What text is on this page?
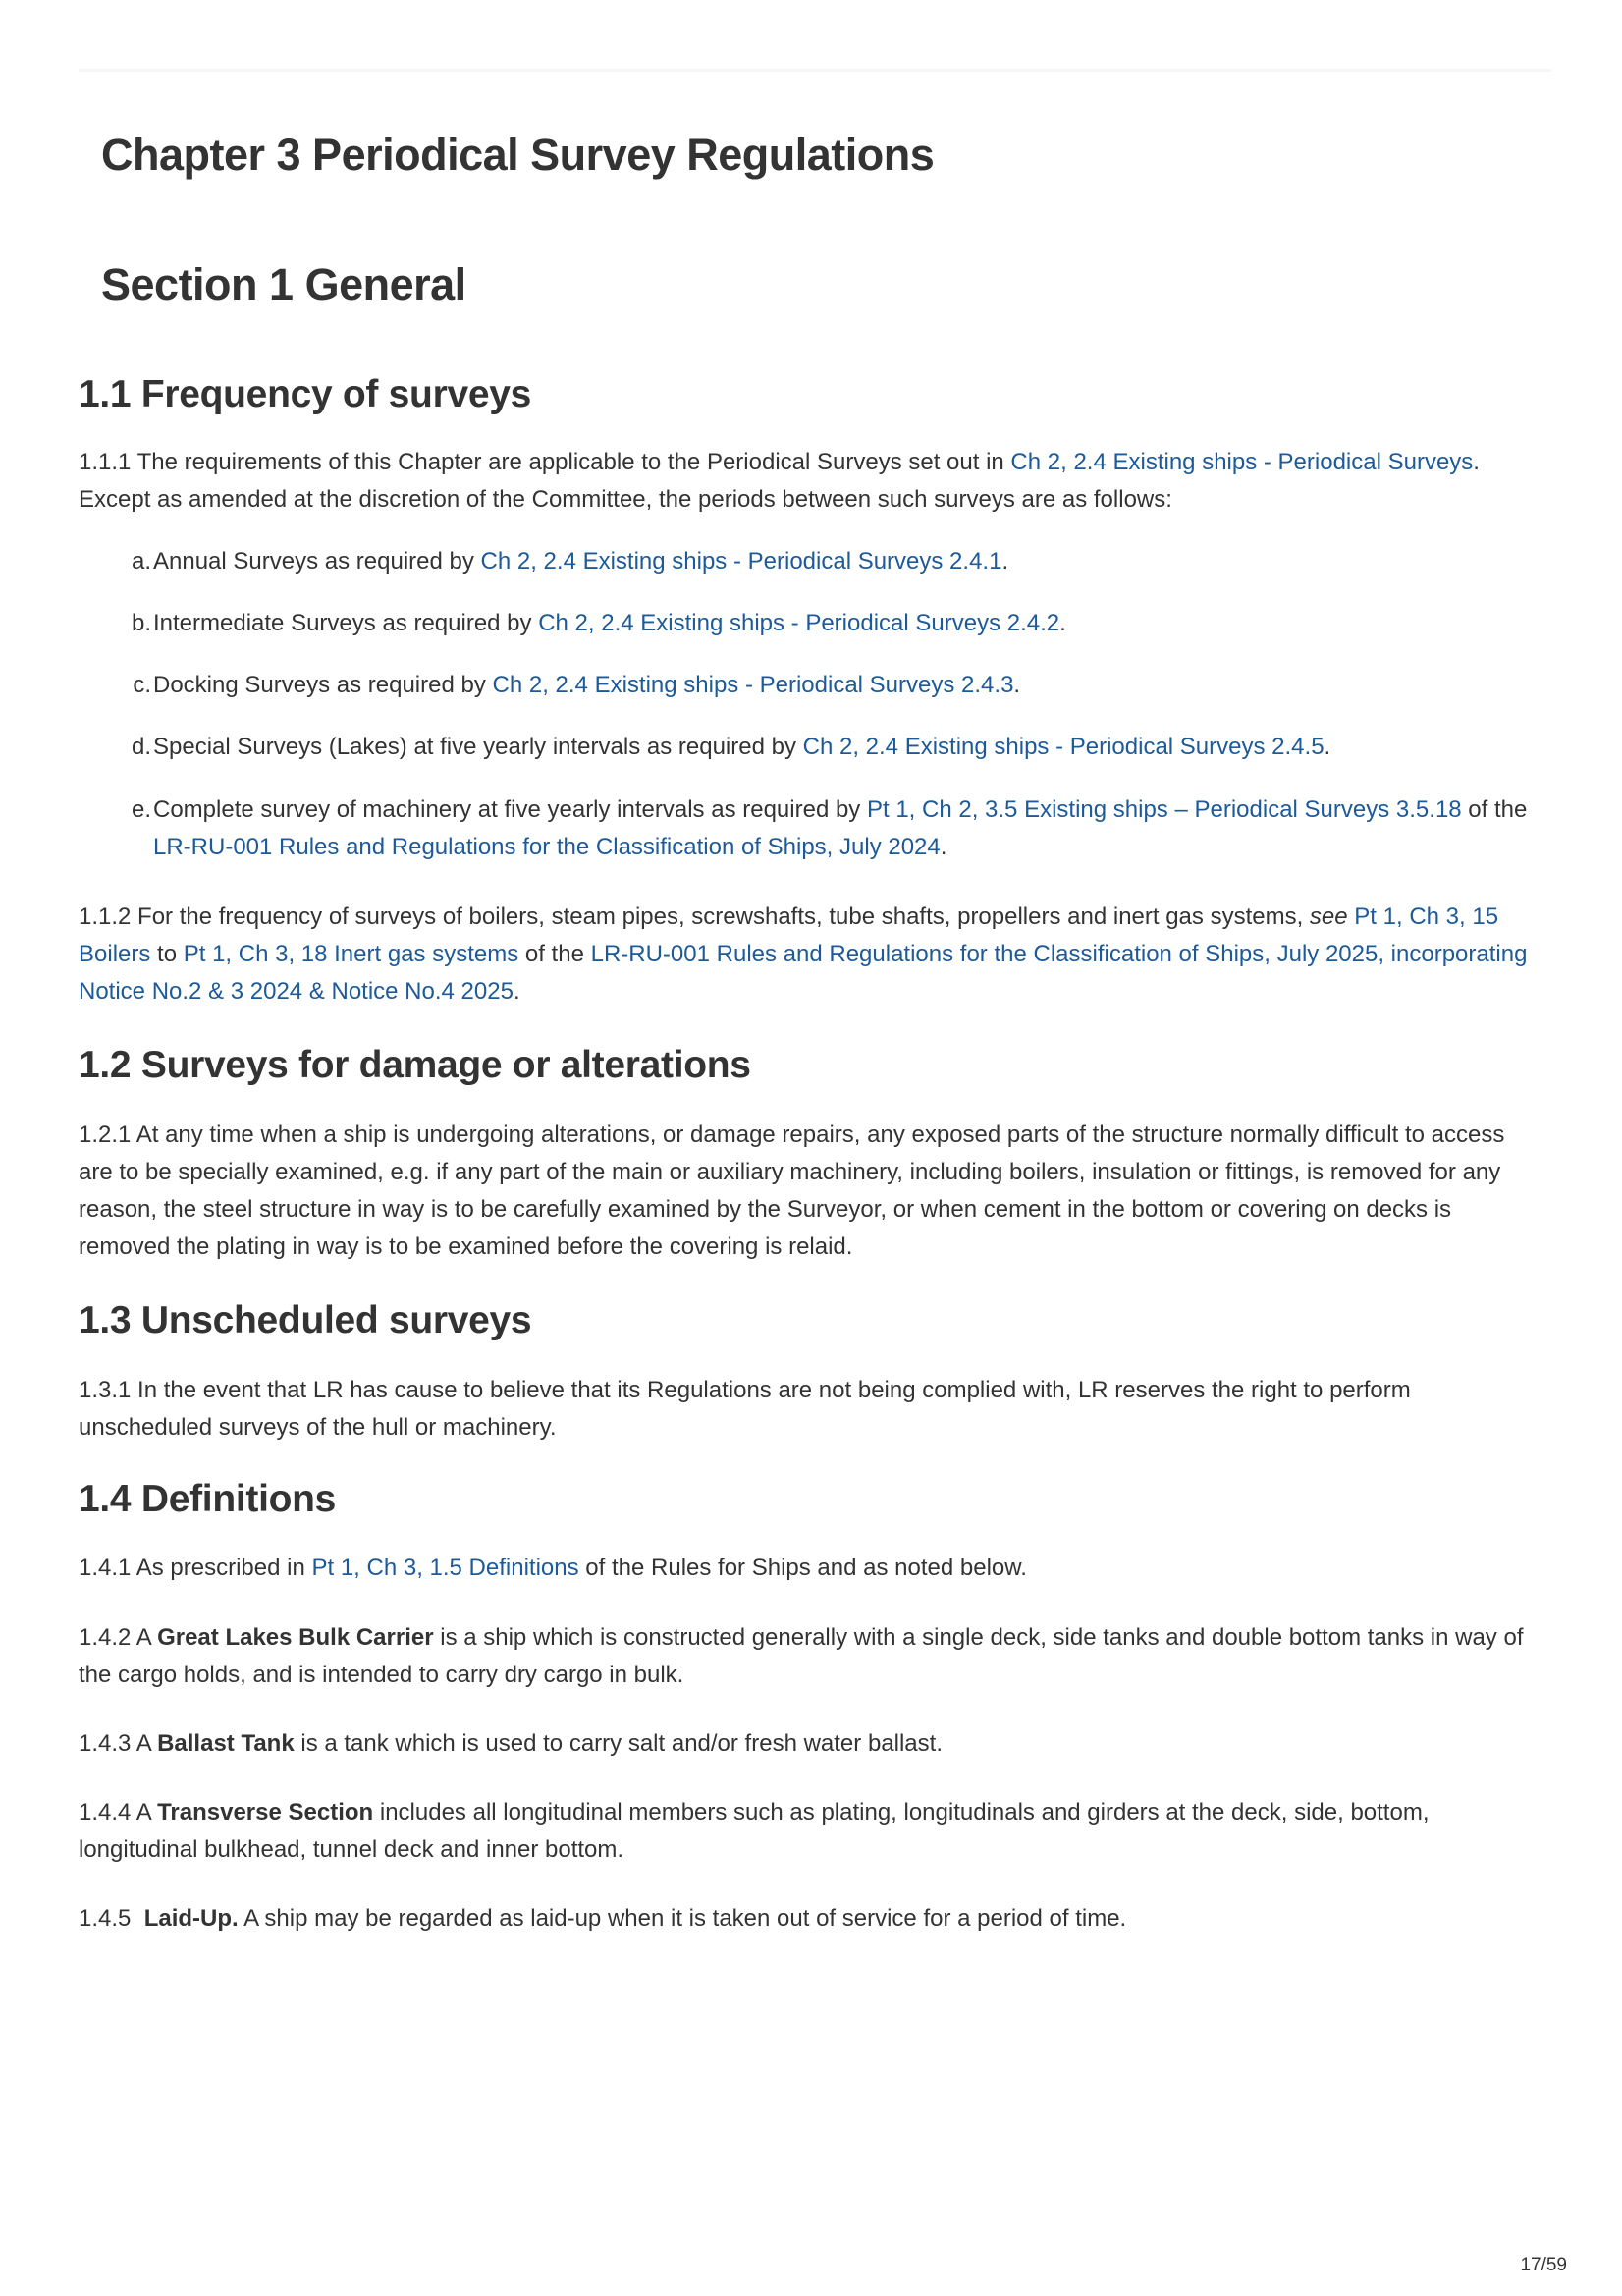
Chapter 3 Periodical Survey Regulations
Section 1 General
1.1 Frequency of surveys
1.1.1 The requirements of this Chapter are applicable to the Periodical Surveys set out in Ch 2, 2.4 Existing ships - Periodical Surveys. Except as amended at the discretion of the Committee, the periods between such surveys are as follows:
a. Annual Surveys as required by Ch 2, 2.4 Existing ships - Periodical Surveys 2.4.1.
b. Intermediate Surveys as required by Ch 2, 2.4 Existing ships - Periodical Surveys 2.4.2.
c. Docking Surveys as required by Ch 2, 2.4 Existing ships - Periodical Surveys 2.4.3.
d. Special Surveys (Lakes) at five yearly intervals as required by Ch 2, 2.4 Existing ships - Periodical Surveys 2.4.5.
e. Complete survey of machinery at five yearly intervals as required by Pt 1, Ch 2, 3.5 Existing ships – Periodical Surveys 3.5.18 of the LR-RU-001 Rules and Regulations for the Classification of Ships, July 2024.
1.1.2 For the frequency of surveys of boilers, steam pipes, screwshafts, tube shafts, propellers and inert gas systems, see Pt 1, Ch 3, 15 Boilers to Pt 1, Ch 3, 18 Inert gas systems of the LR-RU-001 Rules and Regulations for the Classification of Ships, July 2025, incorporating Notice No.2 & 3 2024 & Notice No.4 2025.
1.2 Surveys for damage or alterations
1.2.1 At any time when a ship is undergoing alterations, or damage repairs, any exposed parts of the structure normally difficult to access are to be specially examined, e.g. if any part of the main or auxiliary machinery, including boilers, insulation or fittings, is removed for any reason, the steel structure in way is to be carefully examined by the Surveyor, or when cement in the bottom or covering on decks is removed the plating in way is to be examined before the covering is relaid.
1.3 Unscheduled surveys
1.3.1 In the event that LR has cause to believe that its Regulations are not being complied with, LR reserves the right to perform unscheduled surveys of the hull or machinery.
1.4 Definitions
1.4.1 As prescribed in Pt 1, Ch 3, 1.5 Definitions of the Rules for Ships and as noted below.
1.4.2 A Great Lakes Bulk Carrier is a ship which is constructed generally with a single deck, side tanks and double bottom tanks in way of the cargo holds, and is intended to carry dry cargo in bulk.
1.4.3 A Ballast Tank is a tank which is used to carry salt and/or fresh water ballast.
1.4.4 A Transverse Section includes all longitudinal members such as plating, longitudinals and girders at the deck, side, bottom, longitudinal bulkhead, tunnel deck and inner bottom.
1.4.5  Laid-Up. A ship may be regarded as laid-up when it is taken out of service for a period of time.
17/59
